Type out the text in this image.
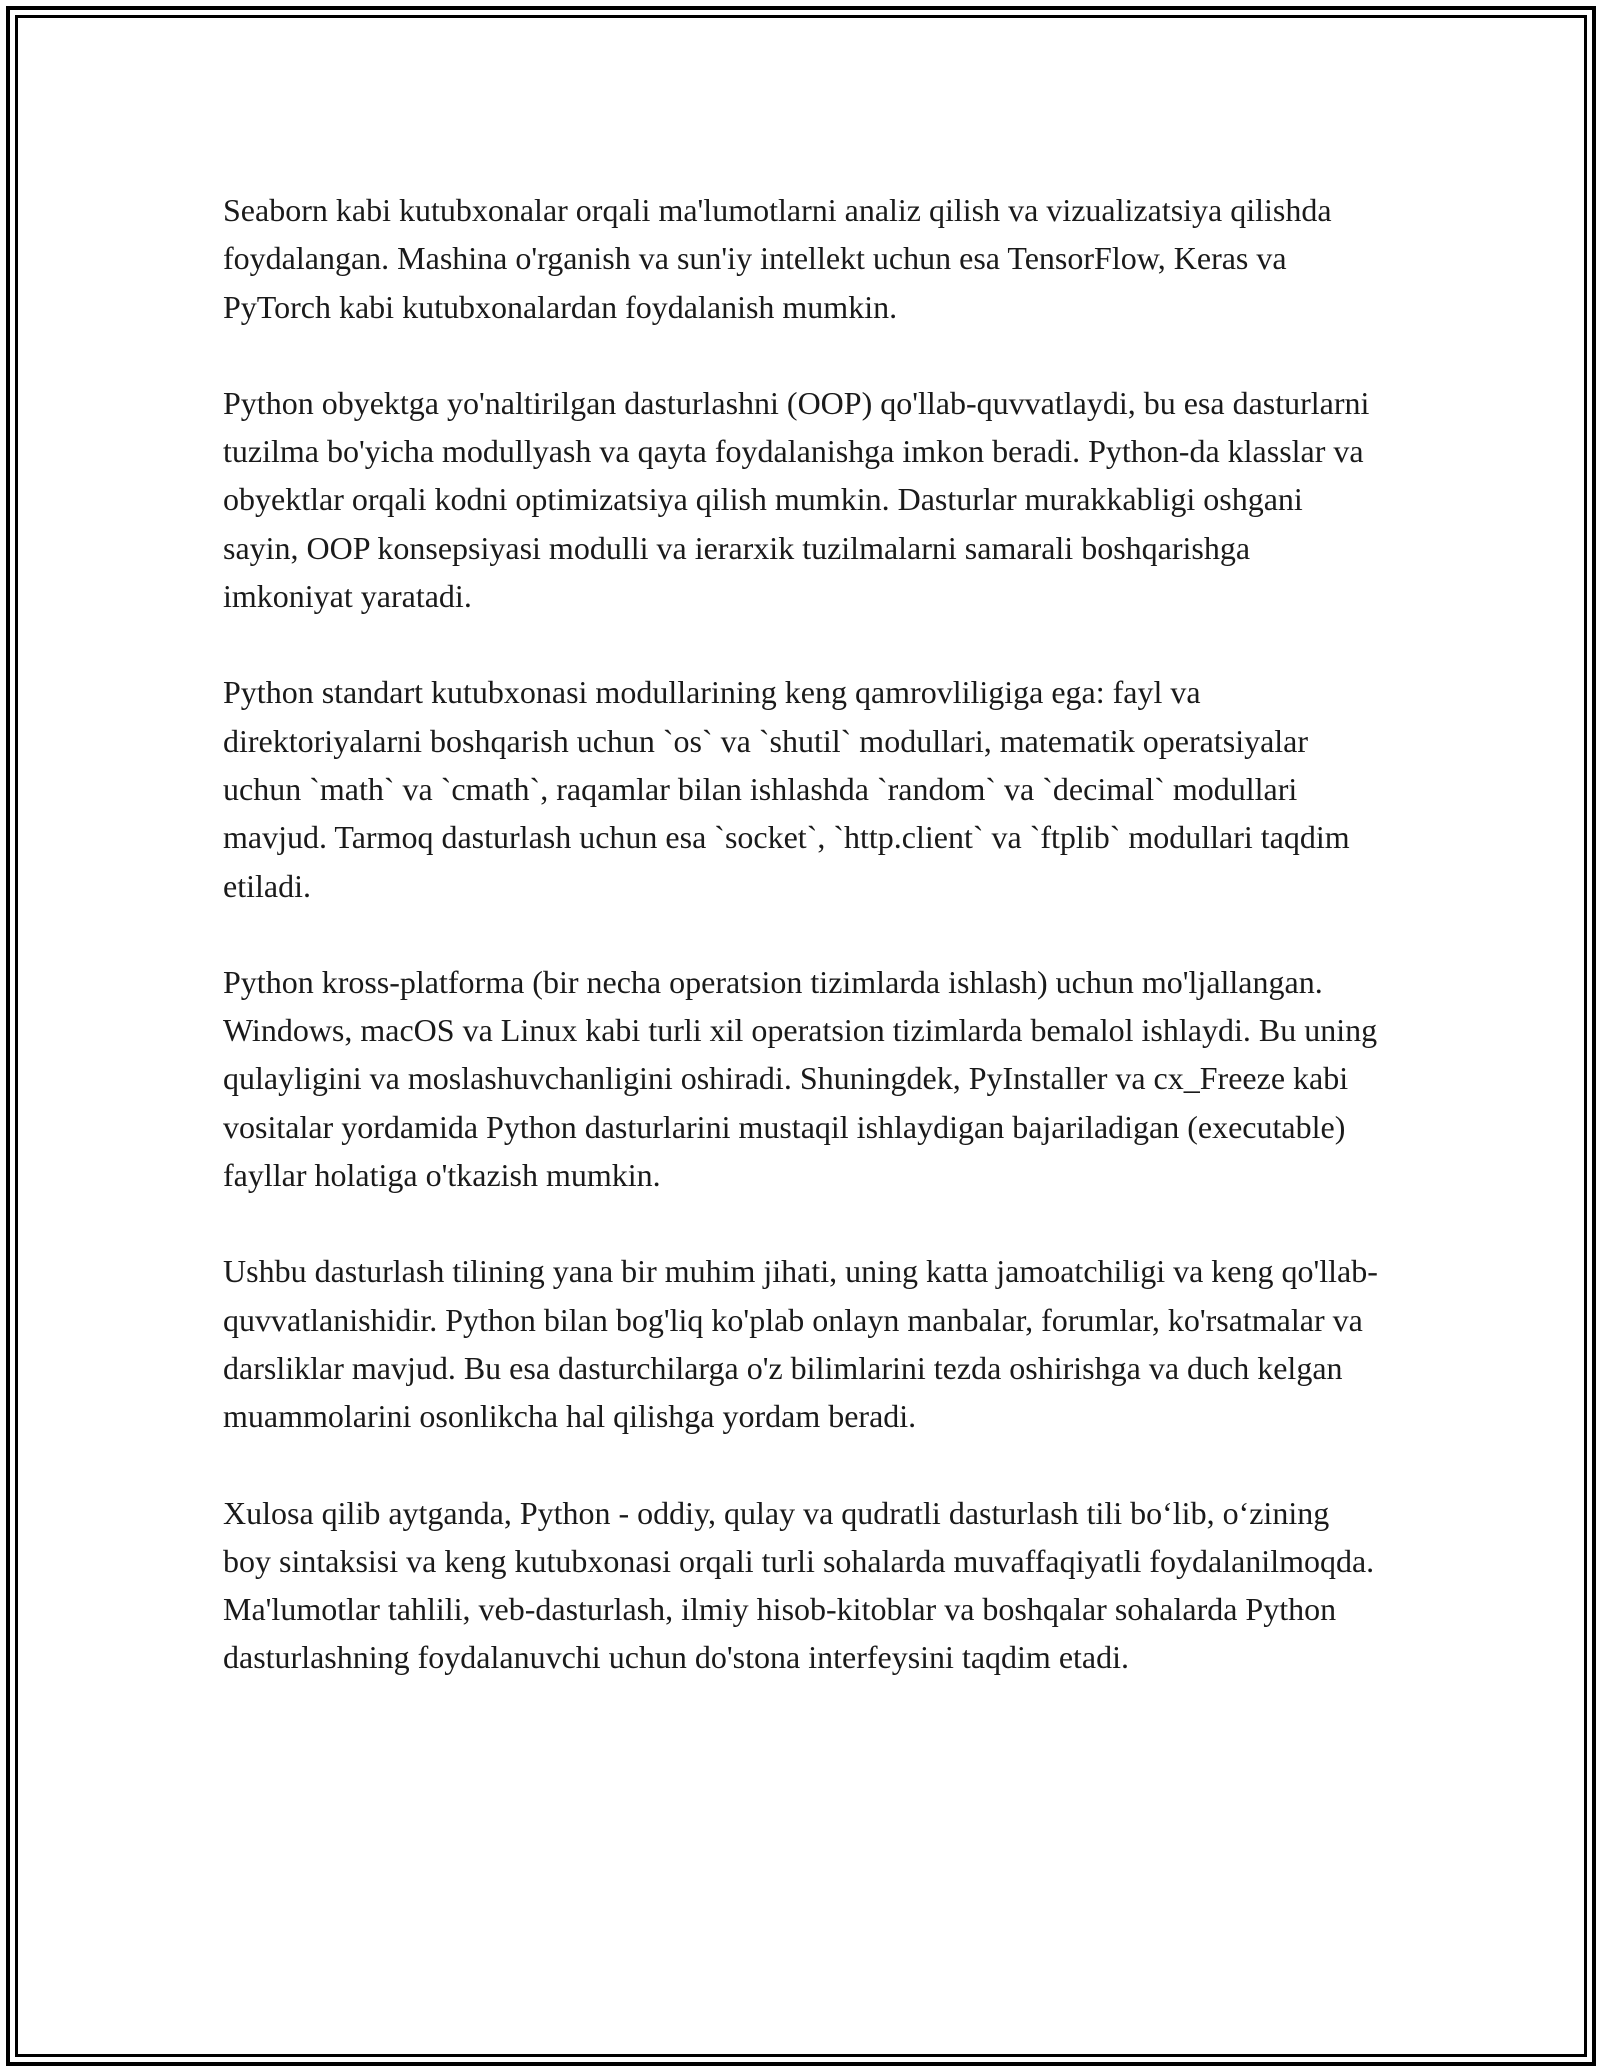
Seaborn kabi kutubxonalar orqali ma'lumotlarni analiz qilish va vizualizatsiya qilishda foydalangan. Mashina o'rganish va sun'iy intellekt uchun esa TensorFlow, Keras va PyTorch kabi kutubxonalardan foydalanish mumkin.

Python obyektga yo'naltirilgan dasturlashni (OOP) qo'llab-quvvatlaydi, bu esa dasturlarni tuzilma bo'yicha modullyash va qayta foydalanishga imkon beradi. Python-da klasslar va obyektlar orqali kodni optimizatsiya qilish mumkin. Dasturlar murakkabligi oshgani sayin, OOP konsepsiyasi modulli va ierarxik tuzilmalarni samarali boshqarishga imkoniyat yaratadi.

Python standart kutubxonasi modullarining keng qamrovliligiga ega: fayl va direktoriyalarni boshqarish uchun `os` va `shutil` modullari, matematik operatsiyalar uchun `math` va `cmath`, raqamlar bilan ishlashda `random` va `decimal` modullari mavjud. Tarmoq dasturlash uchun esa `socket`, `http.client` va `ftplib` modullari taqdim etiladi.

Python kross-platforma (bir necha operatsion tizimlarda ishlash) uchun mo'ljallangan. Windows, macOS va Linux kabi turli xil operatsion tizimlarda bemalol ishlaydi. Bu uning qulayligini va moslashuvchanligini oshiradi. Shuningdek, PyInstaller va cx_Freeze kabi vositalar yordamida Python dasturlarini mustaqil ishlaydigan bajariladigan (executable) fayllar holatiga o'tkazish mumkin.

Ushbu dasturlash tilining yana bir muhim jihati, uning katta jamoatchiligi va keng qo'llab-quvvatlanishidir. Python bilan bog'liq ko'plab onlayn manbalar, forumlar, ko'rsatmalar va darsliklar mavjud. Bu esa dasturchilarga o'z bilimlarini tezda oshirishga va duch kelgan muammolarini osonlikcha hal qilishga yordam beradi.

Xulosa qilib aytganda, Python - oddiy, qulay va qudratli dasturlash tili bo‘lib, o‘zining boy sintaksisi va keng kutubxonasi orqali turli sohalarda muvaffaqiyatli foydalanilmoqda. Ma'lumotlar tahlili, veb-dasturlash, ilmiy hisob-kitoblar va boshqalar sohalarda Python dasturlashning foydalanuvchi uchun do'stona interfeysini taqdim etadi.
